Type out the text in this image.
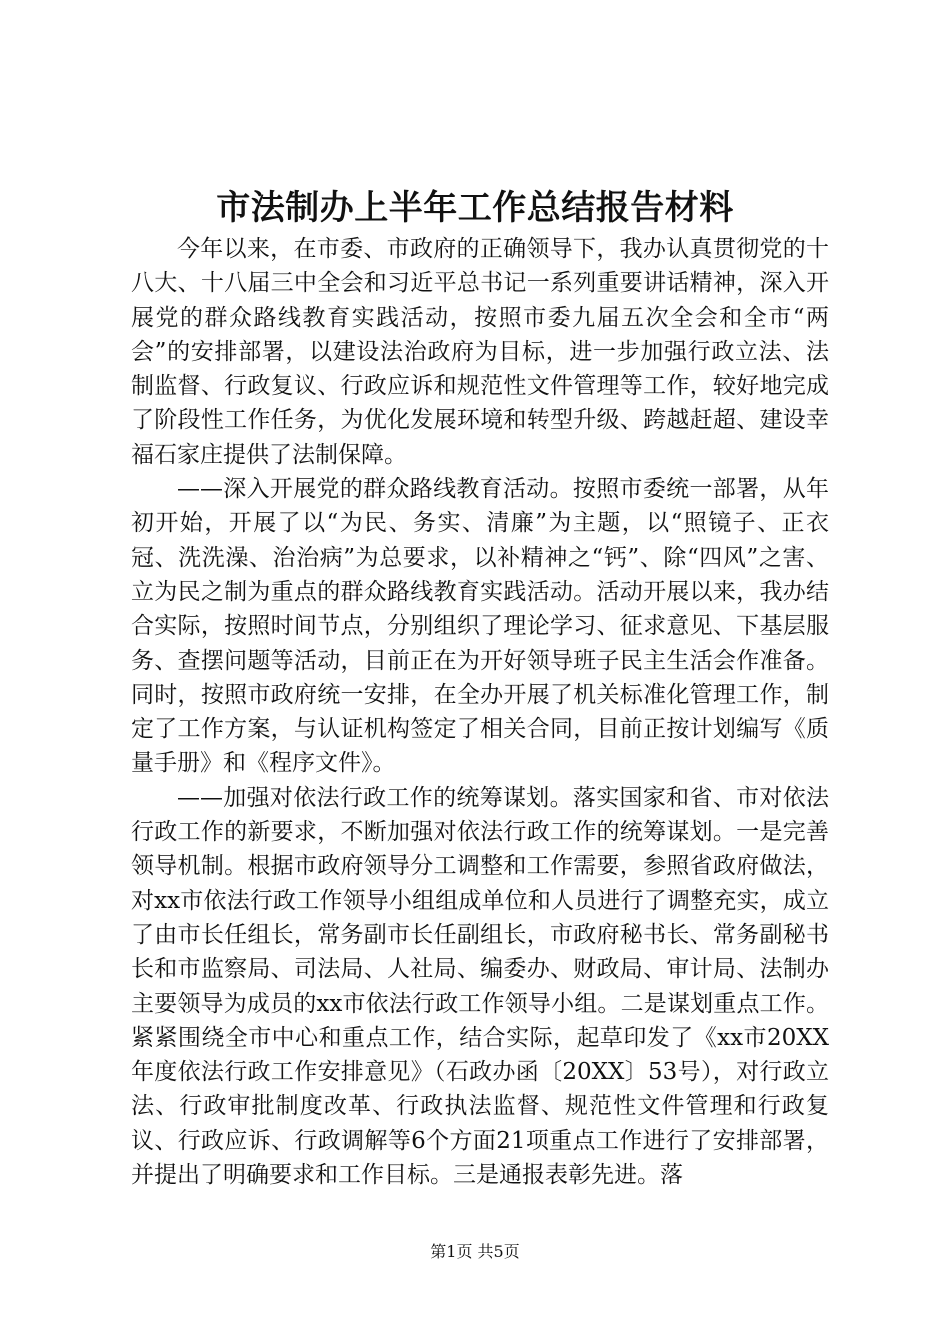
市法制办上半年工作总结报告材料

今年以来，在市委、市政府的正确领导下，我办认真贯彻党的十八大、十八届三中全会和习近平总书记一系列重要讲话精神，深入开展党的群众路线教育实践活动，按照市委九届五次全会和全市“两会”的安排部署，以建设法治政府为目标，进一步加强行政立法、法制监督、行政复议、行政应诉和规范性文件管理等工作，较好地完成了阶段性工作任务，为优化发展环境和转型升级、跨越赶超、建设幸福石家庄提供了法制保障。

——深入开展党的群众路线教育活动。按照市委统一部署，从年初开始，开展了以“为民、务实、清廉”为主题，以“照镜子、正衣冠、洗洗澡、治治病”为总要求，以补精神之“钙”、除“四风”之害、立为民之制为重点的群众路线教育实践活动。活动开展以来，我办结合实际，按照时间节点，分别组织了理论学习、征求意见、下基层服务、查摆问题等活动，目前正在为开好领导班子民主生活会作准备。同时，按照市政府统一安排，在全办开展了机关标准化管理工作，制定了工作方案，与认证机构签定了相关合同，目前正按计划编写《质量手册》和《程序文件》。

——加强对依法行政工作的统筹谋划。落实国家和省、市对依法行政工作的新要求，不断加强对依法行政工作的统筹谋划。一是完善领导机制。根据市政府领导分工调整和工作需要，参照省政府做法，对xx市依法行政工作领导小组组成单位和人员进行了调整充实，成立了由市长任组长，常务副市长任副组长，市政府秘书长、常务副秘书长和市监察局、司法局、人社局、编委办、财政局、审计局、法制办主要领导为成员的xx市依法行政工作领导小组。二是谋划重点工作。紧紧围绕全市中心和重点工作，结合实际，起草印发了《xx市20XX年度依法行政工作安排意见》（石政办函〔20XX〕53号），对行政立法、行政审批制度改革、行政执法监督、规范性文件管理和行政复议、行政应诉、行政调解等6个方面21项重点工作进行了安排部署，并提出了明确要求和工作目标。三是通报表彰先进。落

第1页 共5页
